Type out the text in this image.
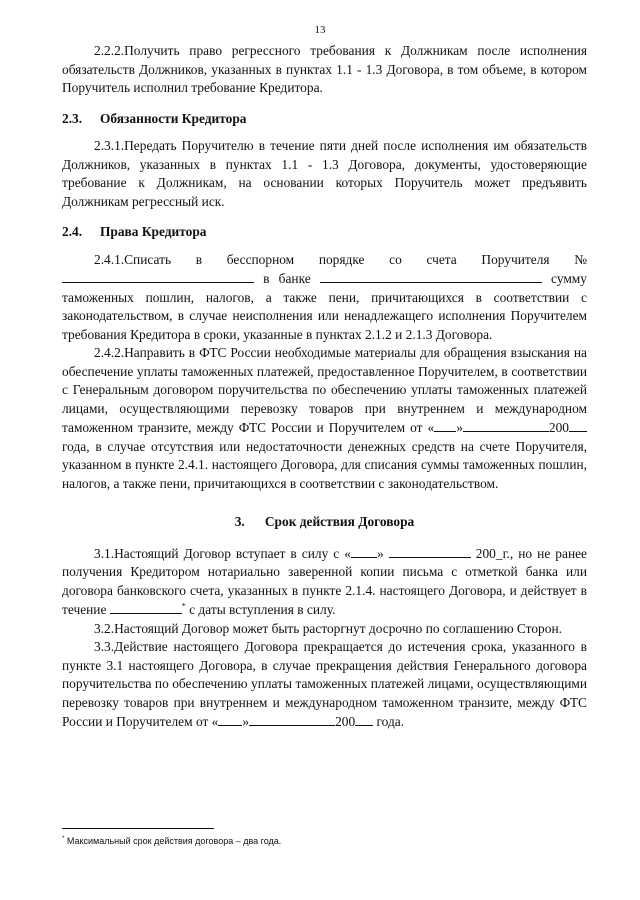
13

2.2.2.Получить право регрессного требования к Должникам после исполнения обязательств Должников, указанных в пунктах 1.1 - 1.3 Договора, в том объеме, в котором Поручитель исполнил требование Кредитора.

2.3. Обязанности Кредитора

2.3.1.Передать Поручителю в течение пяти дней после исполнения им обязательств Должников, указанных в пунктах 1.1 - 1.3 Договора, документы, удостоверяющие требование к Должникам, на основании которых Поручитель может предъявить Должникам регрессный иск.

2.4. Права Кредитора

2.4.1.Списать в бесспорном порядке со счета Поручителя №  в банке	сумму таможенных пошлин, налогов, а также пени, причитающихся в соответствии с законодательством, в случае неисполнения или ненадлежащего исполнения Поручителем требования Кредитора в сроки, указанные в пунктах 2.1.2 и 2.1.3 Договора.

2.4.2.Направить в ФТС России необходимые материалы для обращения взыскания на обеспечение уплаты таможенных платежей, предоставленное Поручителем, в соответствии с Генеральным договором поручительства по обеспечению уплаты таможенных платежей лицами, осуществляющими перевозку товаров при внутреннем и международном таможенном транзите, между ФТС России и Поручителем от « »	200 года, в случае отсутствия или недостаточности денежных средств на счете Поручителя, указанном в пункте 2.4.1. настоящего Договора, для списания суммы таможенных пошлин, налогов, а также пени, причитающихся в соответствии с законодательством.

3. Срок действия Договора

3.1.Настоящий Договор вступает в силу с « »	200_г., но не ранее получения Кредитором нотариально заверенной копии письма с отметкой банка или договора банковского счета, указанных в пункте 2.1.4. настоящего Договора, и действует в течение	* с даты вступления в силу.

3.2.Настоящий Договор может быть расторгнут досрочно по соглашению Сторон.

3.3.Действие настоящего Договора прекращается до истечения срока, указанного в пункте 3.1 настоящего Договора, в случае прекращения действия Генерального договора поручительства по обеспечению уплаты таможенных платежей лицами, осуществляющими перевозку товаров при внутреннем и международном таможенном транзите, между ФТС России и Поручителем от « »	200 года.

* Максимальный срок действия договора – два года.
